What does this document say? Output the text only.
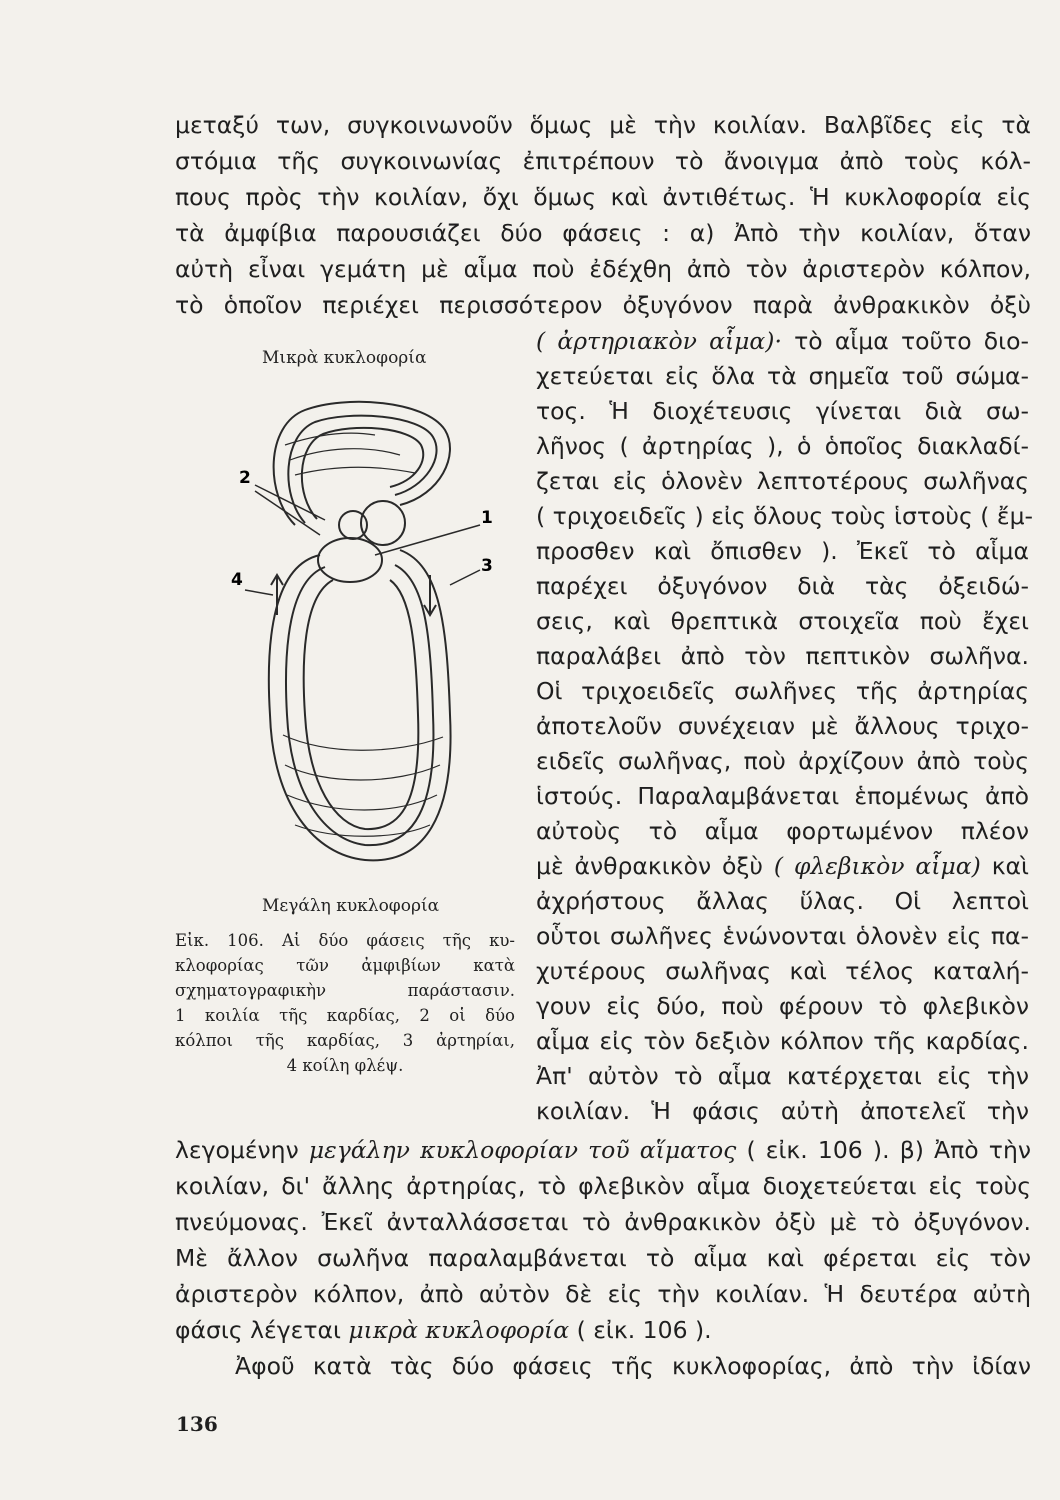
μεταξύ των, συγκοινωνοῦν ὅμως μὲ τὴν κοιλίαν. Βαλβῖδες εἰς τὰ
στόμια τῆς συγκοινωνίας ἐπιτρέπουν τὸ ἄνοιγμα ἀπὸ τοὺς κόλ-
πους πρὸς τὴν κοιλίαν, ὄχι ὅμως καὶ ἀντιθέτως. Ἡ κυκλοφορία εἰς
τὰ ἀμφίβια παρουσιάζει δύο φάσεις : α) Ἀπὸ τὴν κοιλίαν, ὅταν
αὐτὴ εἶναι γεμάτη μὲ αἷμα ποὺ ἐδέχθη ἀπὸ τὸν ἀριστερὸν κόλπον,
τὸ ὁποῖον περιέχει περισσότερον ὀξυγόνον παρὰ ἀνθρακικὸν ὀξὺ
( ἀρτηριακὸν αἷμα)· τὸ αἷμα τοῦτο διο-
χετεύεται εἰς ὅλα τὰ σημεῖα τοῦ σώμα-
τος. Ἡ διοχέτευσις γίνεται διὰ σω-
λῆνος ( ἀρτηρίας ), ὁ ὁποῖος διακλαδί-
ζεται εἰς ὁλονὲν λεπτοτέρους σωλῆνας
( τριχοειδεῖς ) εἰς ὅλους τοὺς ἱστοὺς ( ἔμ-
προσθεν καὶ ὄπισθεν ). Ἐκεῖ τὸ αἷμα
παρέχει ὀξυγόνον διὰ τὰς ὀξειδώ-
σεις, καὶ θρεπτικὰ στοιχεῖα ποὺ ἔχει
παραλάβει ἀπὸ τὸν πεπτικὸν σωλῆνα.
Οἱ τριχοειδεῖς σωλῆνες τῆς ἀρτηρίας
ἀποτελοῦν συνέχειαν μὲ ἄλλους τριχο-
ειδεῖς σωλῆνας, ποὺ ἀρχίζουν ἀπὸ τοὺς
ἱστούς. Παραλαμβάνεται ἑπομένως ἀπὸ
αὐτοὺς τὸ αἷμα φορτωμένον πλέον
μὲ ἀνθρακικὸν ὀξὺ ( φλεβικὸν αἷμα) καὶ
ἀχρήστους ἄλλας ὕλας. Οἱ λεπτοὶ
οὗτοι σωλῆνες ἑνώνονται ὁλονὲν εἰς πα-
χυτέρους σωλῆνας καὶ τέλος καταλή-
γουν εἰς δύο, ποὺ φέρουν τὸ φλεβικὸν
αἷμα εἰς τὸν δεξιὸν κόλπον τῆς καρδίας.
Ἀπ' αὐτὸν τὸ αἷμα κατέρχεται εἰς τὴν
κοιλίαν. Ἡ φάσις αὐτὴ ἀποτελεῖ τὴν
λεγομένην μεγάλην κυκλοφορίαν τοῦ αἵματος ( εἰκ. 106 ). β) Ἀπὸ τὴν
κοιλίαν, δι' ἄλλης ἀρτηρίας, τὸ φλεβικὸν αἷμα διοχετεύεται εἰς τοὺς
πνεύμονας. Ἐκεῖ ἀνταλλάσσεται τὸ ἀνθρακικὸν ὀξὺ μὲ τὸ ὀξυγόνον.
Μὲ ἄλλον σωλῆνα παραλαμβάνεται τὸ αἷμα καὶ φέρεται εἰς τὸν
ἀριστερὸν κόλπον, ἀπὸ αὐτὸν δὲ εἰς τὴν κοιλίαν. Ἡ δευτέρα αὐτὴ
φάσις λέγεται μικρὰ κυκλοφορία ( εἰκ. 106 ).
Ἀφοῦ κατὰ τὰς δύο φάσεις τῆς κυκλοφορίας, ἀπὸ τὴν ἰδίαν
Μικρὰ κυκλοφορία
Μεγάλη κυκλοφορία
2
1
3
4
Εἰκ. 106. Αἱ δύο φάσεις τῆς κυ-
κλοφορίας τῶν ἀμφιβίων κατὰ
σχηματογραφικὴν παράστασιν.
1 κοιλία τῆς καρδίας, 2 οἱ δύο
κόλποι τῆς καρδίας, 3 ἀρτηρίαι,
4 κοίλη φλέψ.
136
